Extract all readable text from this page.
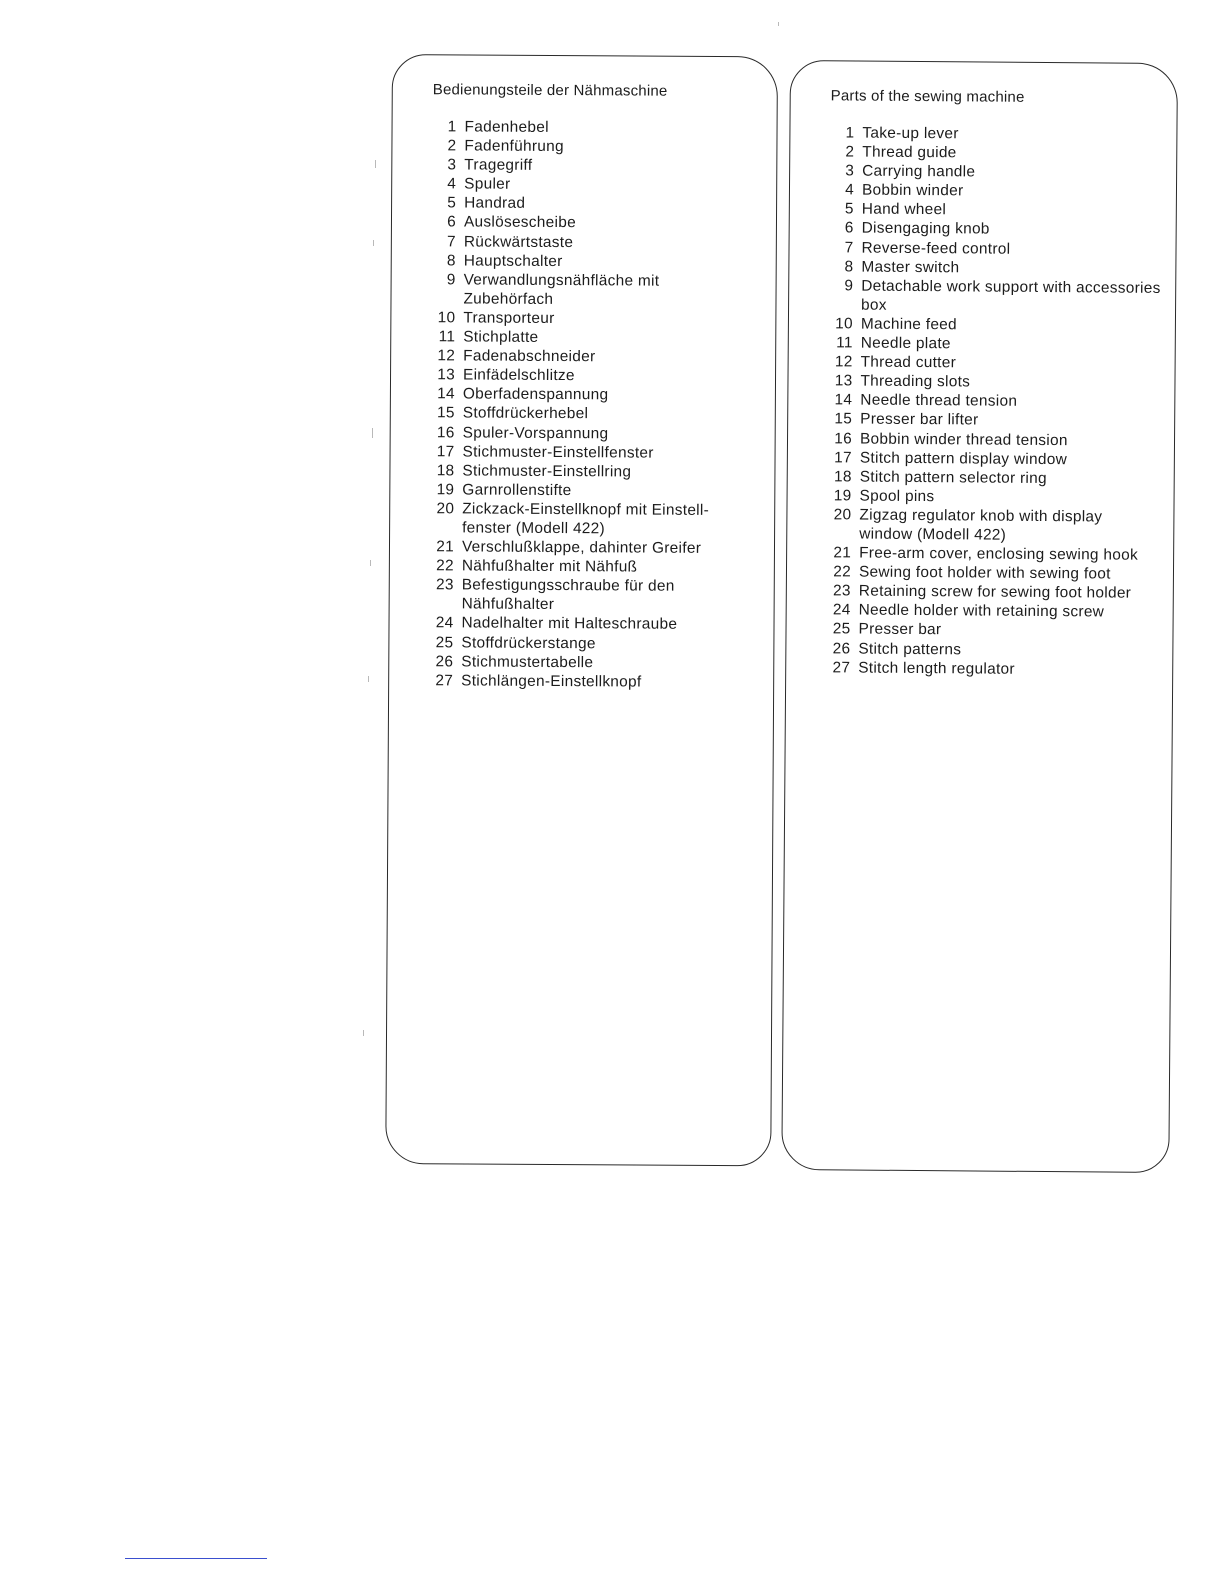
Bedienungsteile der Nähmaschine
1 Fadenhebel
2 Fadenführung
3 Tragegriff
4 Spuler
5 Handrad
6 Auslösescheibe
7 Rückwärtstaste
8 Hauptschalter
9 Verwandlungsnähfläche mit Zubehörfach
10 Transporteur
11 Stichplatte
12 Fadenabschneider
13 Einfädelschlitze
14 Oberfadenspannung
15 Stoffdrückerhebel
16 Spuler-Vorspannung
17 Stichmuster-Einstellfenster
18 Stichmuster-Einstellring
19 Garnrollenstifte
20 Zickzack-Einstellknopf mit Einstell-fenster (Modell 422)
21 Verschlußklappe, dahinter Greifer
22 Nähfußhalter mit Nähfuß
23 Befestigungsschraube für den Nähfußhalter
24 Nadelhalter mit Halteschraube
25 Stoffdrückerstange
26 Stichmustertabelle
27 Stichlängen-Einstellknopf
Parts of the sewing machine
1 Take-up lever
2 Thread guide
3 Carrying handle
4 Bobbin winder
5 Hand wheel
6 Disengaging knob
7 Reverse-feed control
8 Master switch
9 Detachable work support with accessories box
10 Machine feed
11 Needle plate
12 Thread cutter
13 Threading slots
14 Needle thread tension
15 Presser bar lifter
16 Bobbin winder thread tension
17 Stitch pattern display window
18 Stitch pattern selector ring
19 Spool pins
20 Zigzag regulator knob with display window (Modell 422)
21 Free-arm cover, enclosing sewing hook
22 Sewing foot holder with sewing foot
23 Retaining screw for sewing foot holder
24 Needle holder with retaining screw
25 Presser bar
26 Stitch patterns
27 Stitch length regulator
